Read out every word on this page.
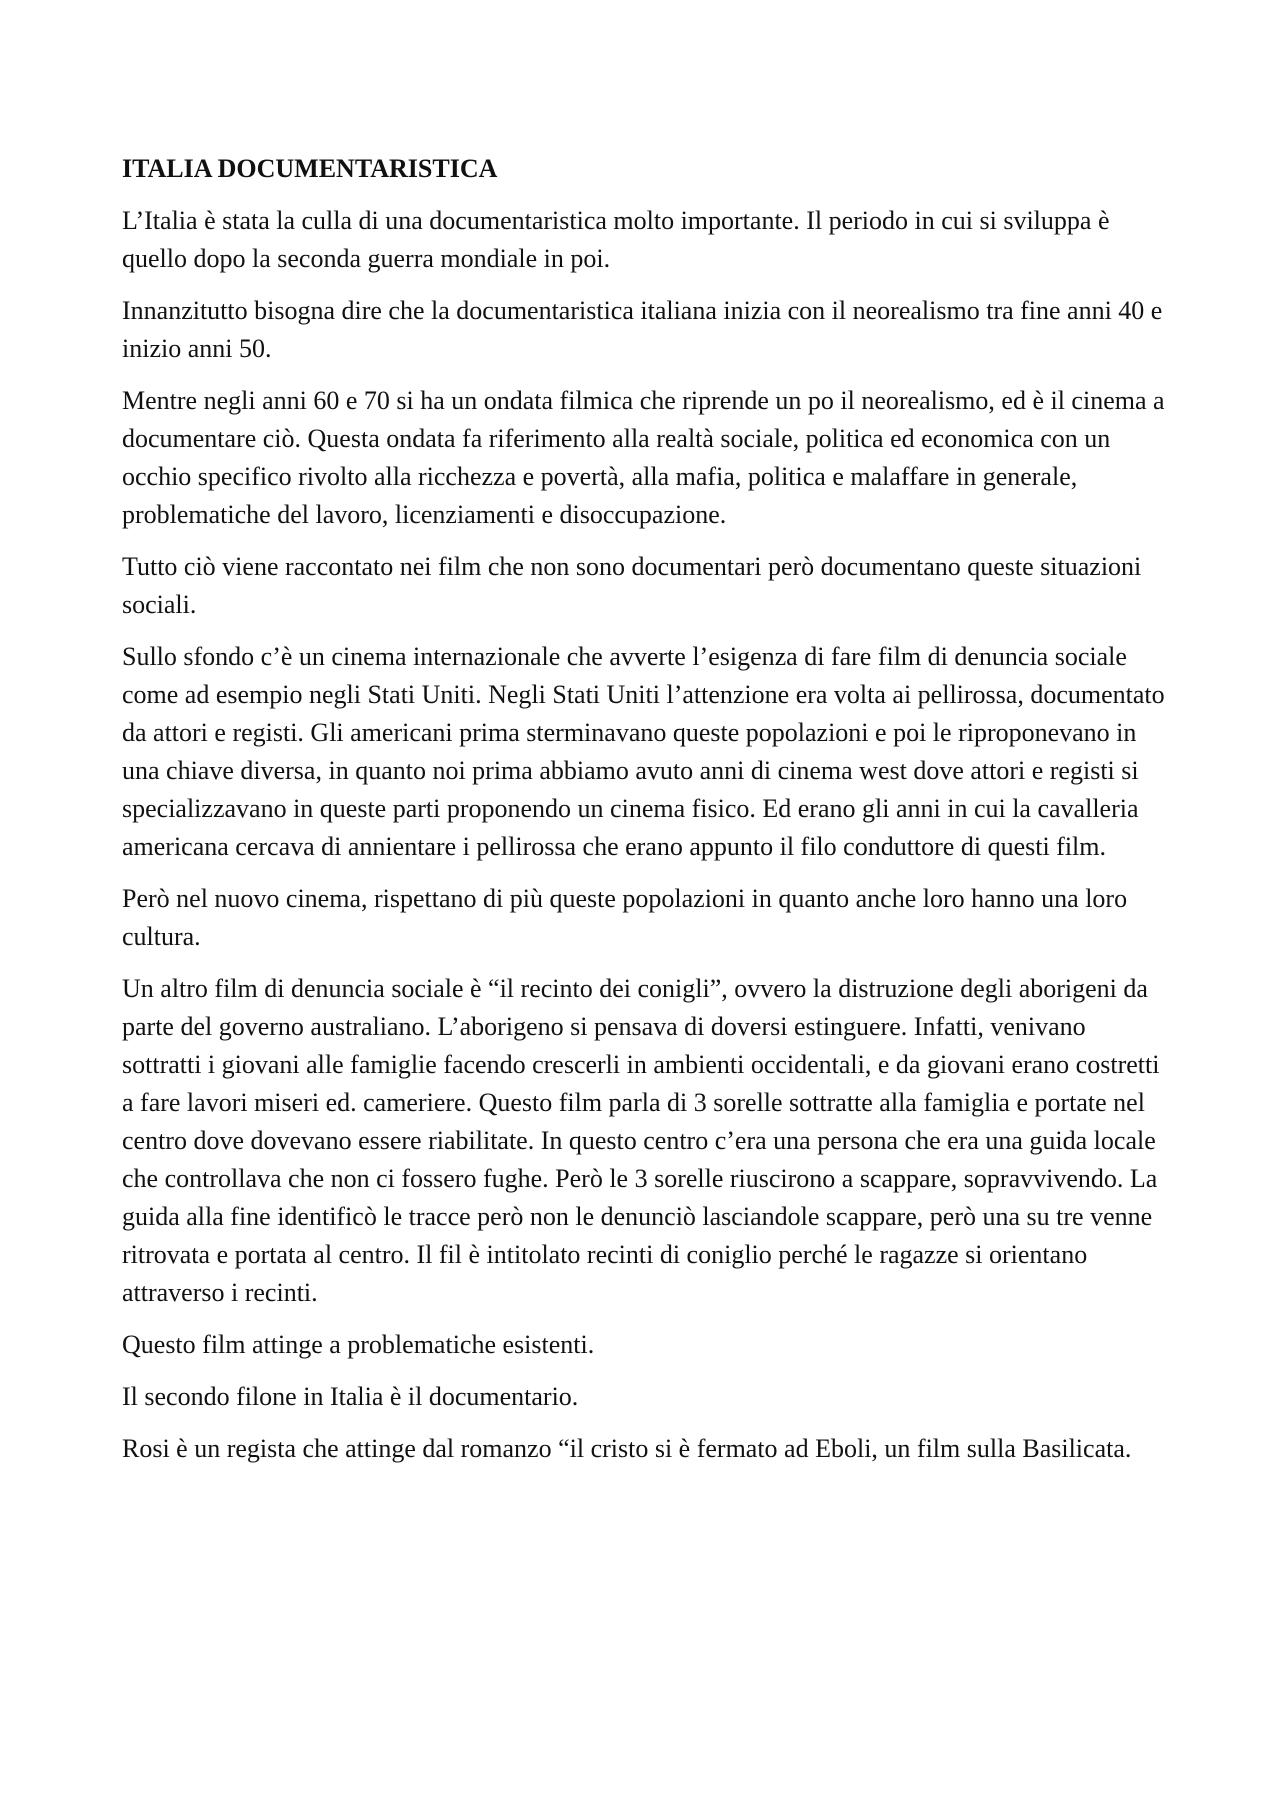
ITALIA DOCUMENTARISTICA

L’Italia è stata la culla di una documentaristica molto importante. Il periodo in cui si sviluppa è quello dopo la seconda guerra mondiale in poi.

Innanzitutto bisogna dire che la documentaristica italiana inizia con il neorealismo tra fine anni 40 e inizio anni 50.

Mentre negli anni 60 e 70 si ha un ondata filmica che riprende un po il neorealismo, ed è il cinema a documentare ciò. Questa ondata fa riferimento alla realtà sociale, politica ed economica con un occhio specifico rivolto alla ricchezza e povertà, alla mafia, politica e malaffare in generale, problematiche del lavoro, licenziamenti e disoccupazione.

Tutto ciò viene raccontato nei film che non sono documentari però documentano queste situazioni sociali.

Sullo sfondo c’è un cinema internazionale che avverte l’esigenza di fare film di denuncia sociale come ad esempio negli Stati Uniti. Negli Stati Uniti l’attenzione era volta ai pellirossa, documentato da attori e registi. Gli americani prima sterminavano queste popolazioni e poi le riproponevano in una chiave diversa, in quanto noi prima abbiamo avuto anni di cinema west dove attori e registi si specializzavano in queste parti proponendo un cinema fisico. Ed erano gli anni in cui la cavalleria americana cercava di annientare i pellirossa che erano appunto il filo conduttore di questi film.

Però nel nuovo cinema, rispettano di più queste popolazioni in quanto anche loro hanno una loro cultura.

Un altro film di denuncia sociale è “il recinto dei conigli”, ovvero la distruzione degli aborigeni da parte del governo australiano. L’aborigeno si pensava di doversi estinguere. Infatti, venivano sottratti i giovani alle famiglie facendo crescerli in ambienti occidentali, e da giovani erano costretti a fare lavori miseri ed. cameriere. Questo film parla di 3 sorelle sottratte alla famiglia e portate nel centro dove dovevano essere riabilitate. In questo centro c’era una persona che era una guida locale che controllava che non ci fossero fughe. Però le 3 sorelle riuscirono a scappare, sopravvivendo. La guida alla fine identificò le tracce però non le denunciò lasciandole scappare, però una su tre venne ritrovata e portata al centro. Il fil è intitolato recinti di coniglio perché le ragazze si orientano attraverso i recinti.

Questo film attinge a problematiche esistenti.

Il secondo filone in Italia è il documentario.

Rosi è un regista che attinge dal romanzo “il cristo si è fermato ad Eboli, un film sulla Basilicata.
